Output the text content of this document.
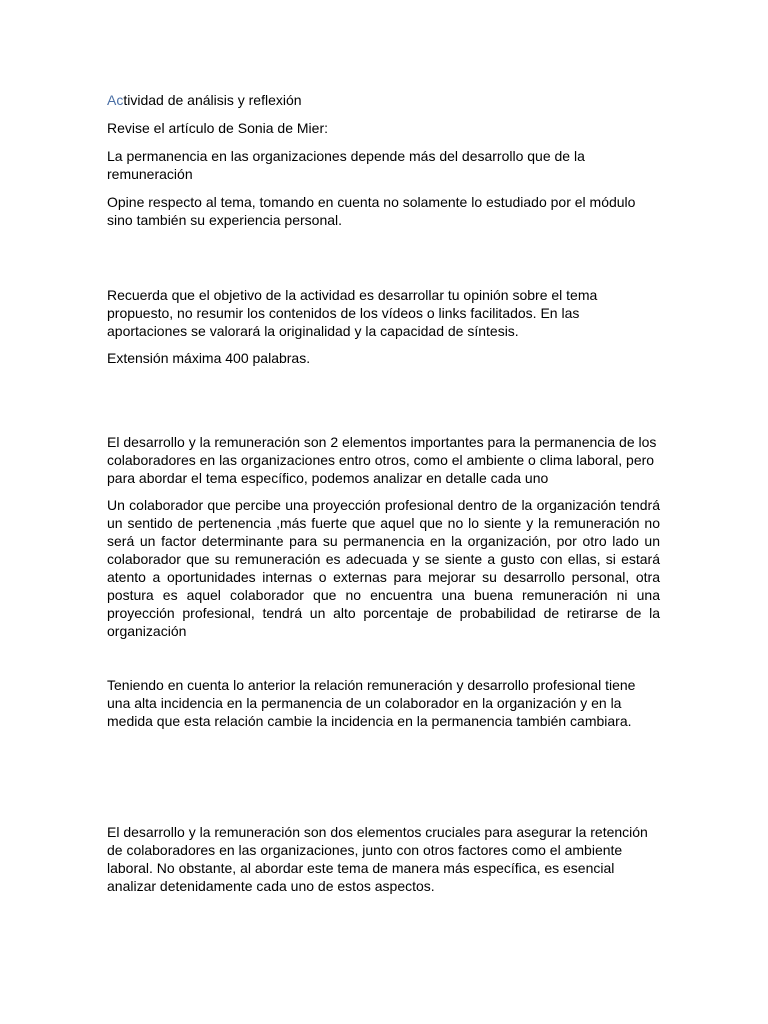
Actividad de análisis y reflexión

Revise el artículo de Sonia de Mier:

La permanencia en las organizaciones depende más del desarrollo que de la remuneración

Opine respecto al tema, tomando en cuenta no solamente lo estudiado por el módulo sino también su experiencia personal.

Recuerda que el objetivo de la actividad es desarrollar tu opinión sobre el tema propuesto, no resumir los contenidos de los vídeos o links facilitados. En las aportaciones se valorará la originalidad y la capacidad de síntesis.

Extensión máxima 400 palabras.

El desarrollo y la remuneración son 2 elementos importantes para la permanencia de los colaboradores en las organizaciones entro otros, como el ambiente o clima laboral, pero para abordar el tema específico, podemos analizar en detalle cada uno

Un colaborador que percibe una proyección profesional dentro de la organización tendrá un sentido de pertenencia ,más fuerte que aquel que no lo siente y la remuneración no será un factor determinante para su permanencia en la organización, por otro lado un colaborador que su remuneración es adecuada y se siente a gusto con ellas, si estará atento a oportunidades internas o externas para mejorar su desarrollo personal, otra postura es aquel colaborador que no encuentra una buena remuneración ni una proyección profesional, tendrá un alto porcentaje de probabilidad de retirarse de la organización

Teniendo en cuenta lo anterior la relación remuneración y desarrollo profesional tiene una alta incidencia en la permanencia de un colaborador en la organización y en la medida que esta relación cambie la incidencia en la permanencia también cambiara.

El desarrollo y la remuneración son dos elementos cruciales para asegurar la retención de colaboradores en las organizaciones, junto con otros factores como el ambiente laboral. No obstante, al abordar este tema de manera más específica, es esencial analizar detenidamente cada uno de estos aspectos.
